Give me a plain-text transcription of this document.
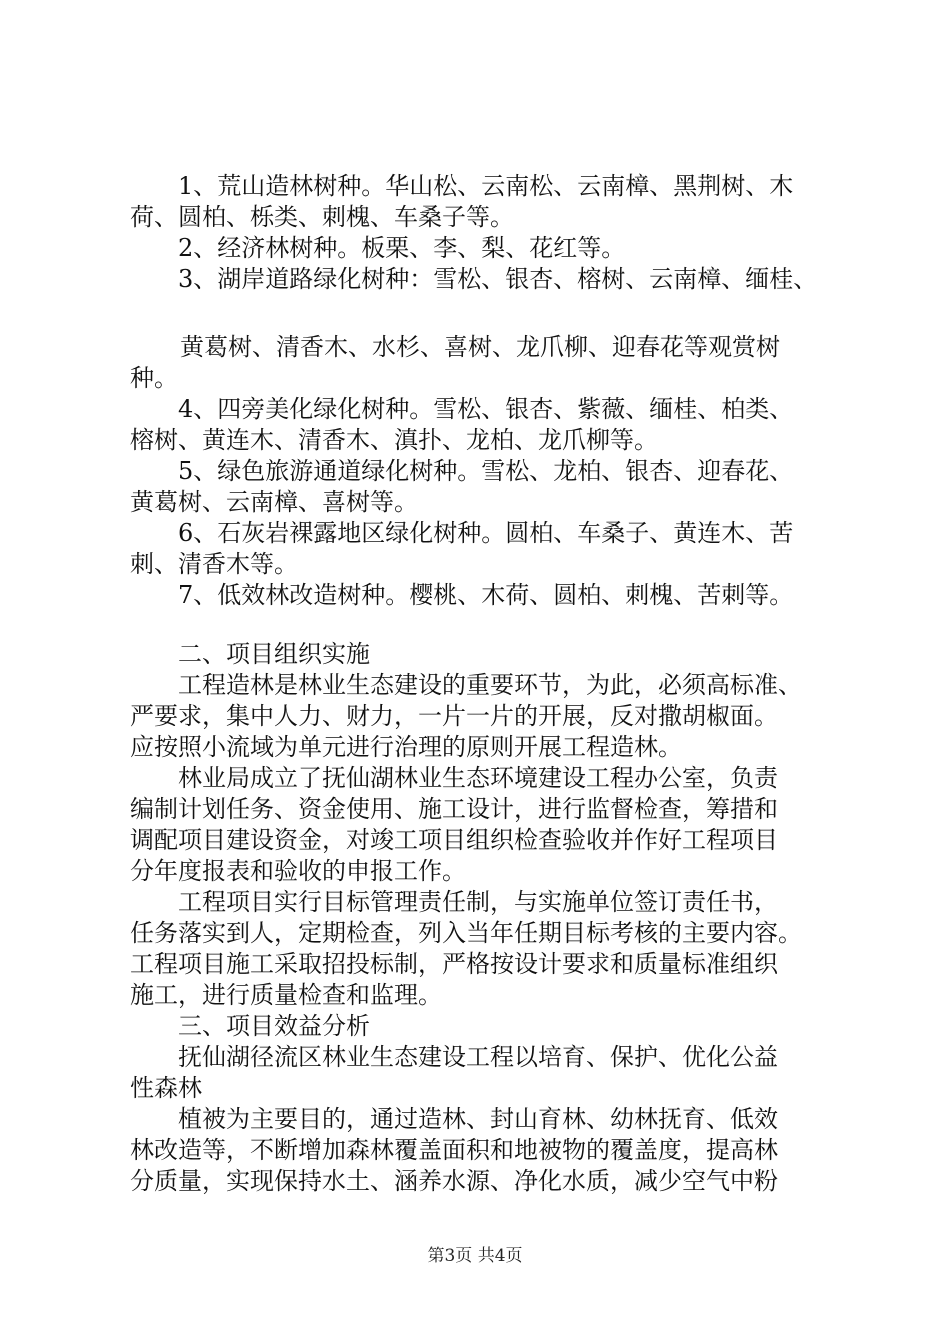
1、荒山造林树种。华山松、云南松、云南樟、黑荆树、木
荷、圆柏、栎类、刺槐、车桑子等。
2、经济林树种。板栗、李、梨、花红等。
3、湖岸道路绿化树种：雪松、银杏、榕树、云南樟、缅桂、
黄葛树、清香木、水杉、喜树、龙爪柳、迎春花等观赏树
种。
4、四旁美化绿化树种。雪松、银杏、紫薇、缅桂、柏类、
榕树、黄连木、清香木、滇扑、龙柏、龙爪柳等。
5、绿色旅游通道绿化树种。雪松、龙柏、银杏、迎春花、
黄葛树、云南樟、喜树等。
6、石灰岩裸露地区绿化树种。圆柏、车桑子、黄连木、苦
刺、清香木等。
7、低效林改造树种。樱桃、木荷、圆柏、刺槐、苦刺等。
二、项目组织实施
工程造林是林业生态建设的重要环节，为此，必须高标准、
严要求，集中人力、财力，一片一片的开展，反对撒胡椒面。
应按照小流域为单元进行治理的原则开展工程造林。
林业局成立了抚仙湖林业生态环境建设工程办公室，负责
编制计划任务、资金使用、施工设计，进行监督检查，筹措和
调配项目建设资金，对竣工项目组织检查验收并作好工程项目
分年度报表和验收的申报工作。
工程项目实行目标管理责任制，与实施单位签订责任书，
任务落实到人，定期检查，列入当年任期目标考核的主要内容。
工程项目施工采取招投标制，严格按设计要求和质量标准组织
施工，进行质量检查和监理。
三、项目效益分析
抚仙湖径流区林业生态建设工程以培育、保护、优化公益
性森林
植被为主要目的，通过造林、封山育林、幼林抚育、低效
林改造等，不断增加森林覆盖面积和地被物的覆盖度，提高林
分质量，实现保持水土、涵养水源、净化水质，减少空气中粉
第3页 共4页
